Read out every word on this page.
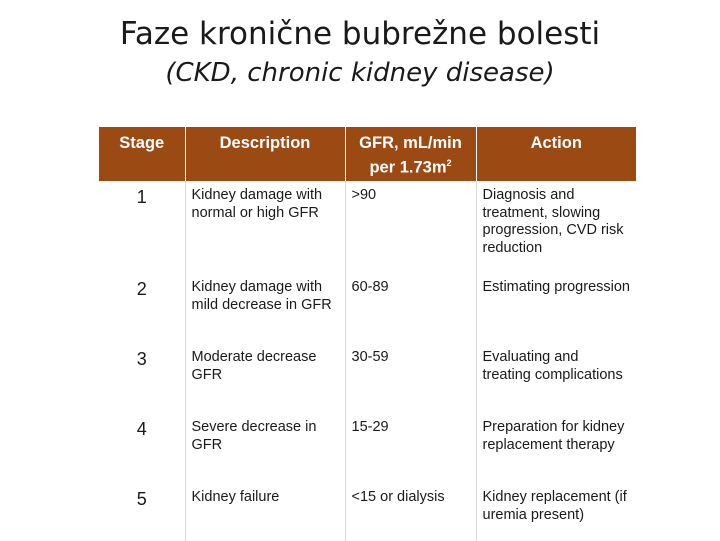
Faze kronične bubrežne bolesti
(CKD, chronic kidney disease)
Stage	Description	GFR, mL/min per $1.73m^2$	Action
1	Kidney damage with normal or high GFR	>90	Diagnosis and treatment, slowing progression, CVD risk reduction
2	Kidney damage with mild decrease in GFR	60-89	Estimating progression
3	Moderate decrease GFR	30-59	Evaluating and treating complications
4	Severe decrease in GFR	15-29	Preparation for kidney replacement therapy
5	Kidney failure	<15 or dialysis	Kidney replacement (if uremia present)
